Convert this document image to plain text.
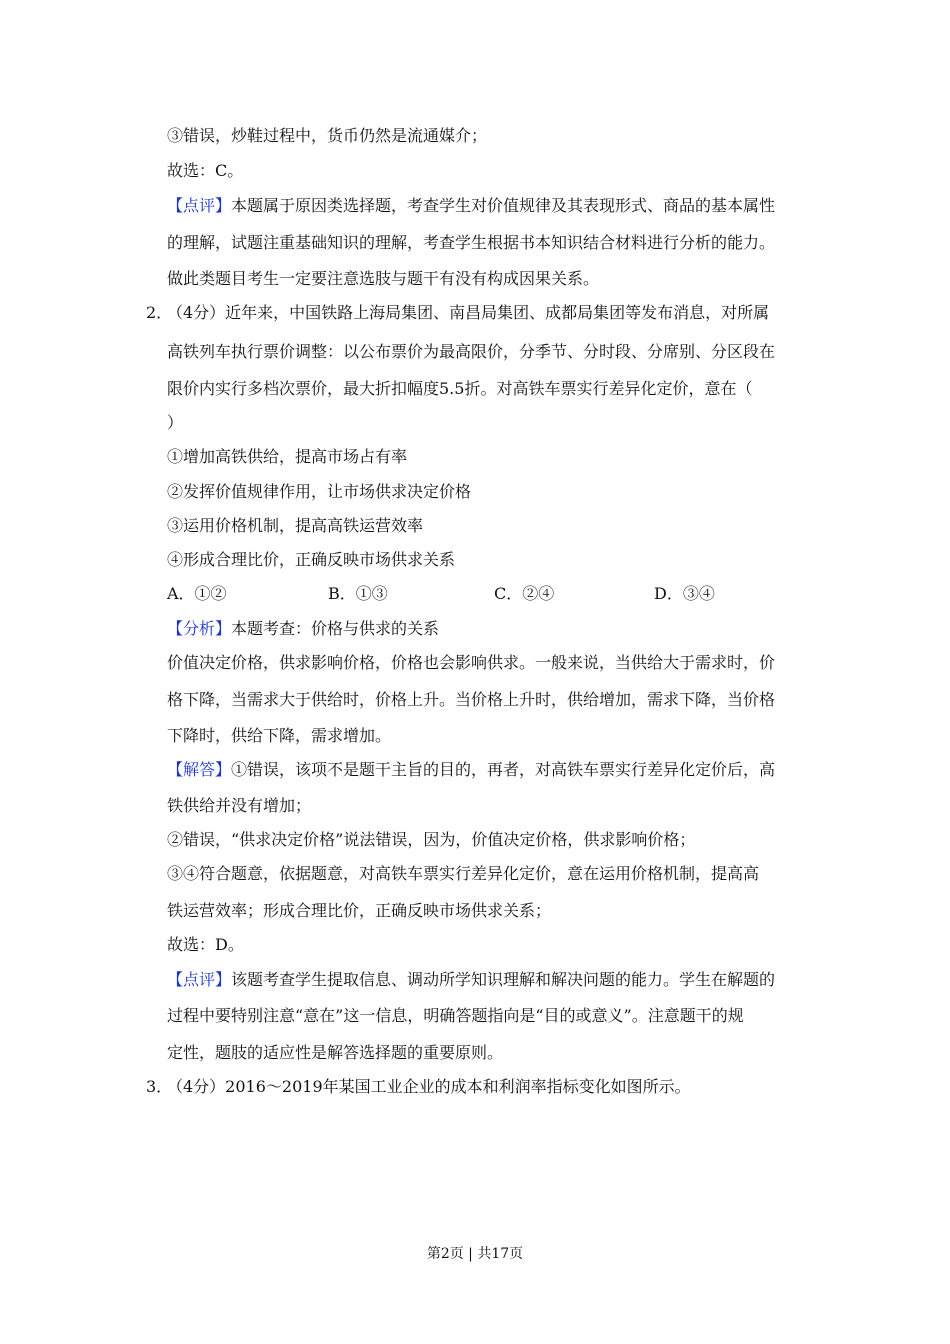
③错误，炒鞋过程中，货币仍然是流通媒介；
故选：C。
【点评】本题属于原因类选择题，考查学生对价值规律及其表现形式、商品的基本属性
的理解，试题注重基础知识的理解，考查学生根据书本知识结合材料进行分析的能力。
做此类题目考生一定要注意选肢与题干有没有构成因果关系。
2．
（4分）近年来，中国铁路上海局集团、南昌局集团、成都局集团等发布消息，对所属
高铁列车执行票价调整：以公布票价为最高限价，分季节、分时段、分席别、分区段在
限价内实行多档次票价，最大折扣幅度5.5折。对高铁车票实行差异化定价，意在（
）
①增加高铁供给，提高市场占有率
②发挥价值规律作用，让市场供求决定价格
③运用价格机制，提高高铁运营效率
④形成合理比价，正确反映市场供求关系
A．①②	B．①③	C．②④	D．③④
【分析】本题考查：价格与供求的关系
价值决定价格，供求影响价格，价格也会影响供求。一般来说，当供给大于需求时，价
格下降，当需求大于供给时，价格上升。当价格上升时，供给增加，需求下降，当价格
下降时，供给下降，需求增加。
【解答】①错误，该项不是题干主旨的目的，再者，对高铁车票实行差异化定价后，高
铁供给并没有增加；
②错误，“供求决定价格”说法错误，因为，价值决定价格，供求影响价格；
③④符合题意，依据题意，对高铁车票实行差异化定价，意在运用价格机制，提高高
铁运营效率；形成合理比价，正确反映市场供求关系；
故选：D。
【点评】该题考查学生提取信息、调动所学知识理解和解决问题的能力。学生在解题的
过程中要特别注意“意在”这一信息，明确答题指向是“目的或意义”。注意题干的规
定性，题肢的适应性是解答选择题的重要原则。
3．
（4分）2016～2019年某国工业企业的成本和利润率指标变化如图所示。
第2页 | 共17页
